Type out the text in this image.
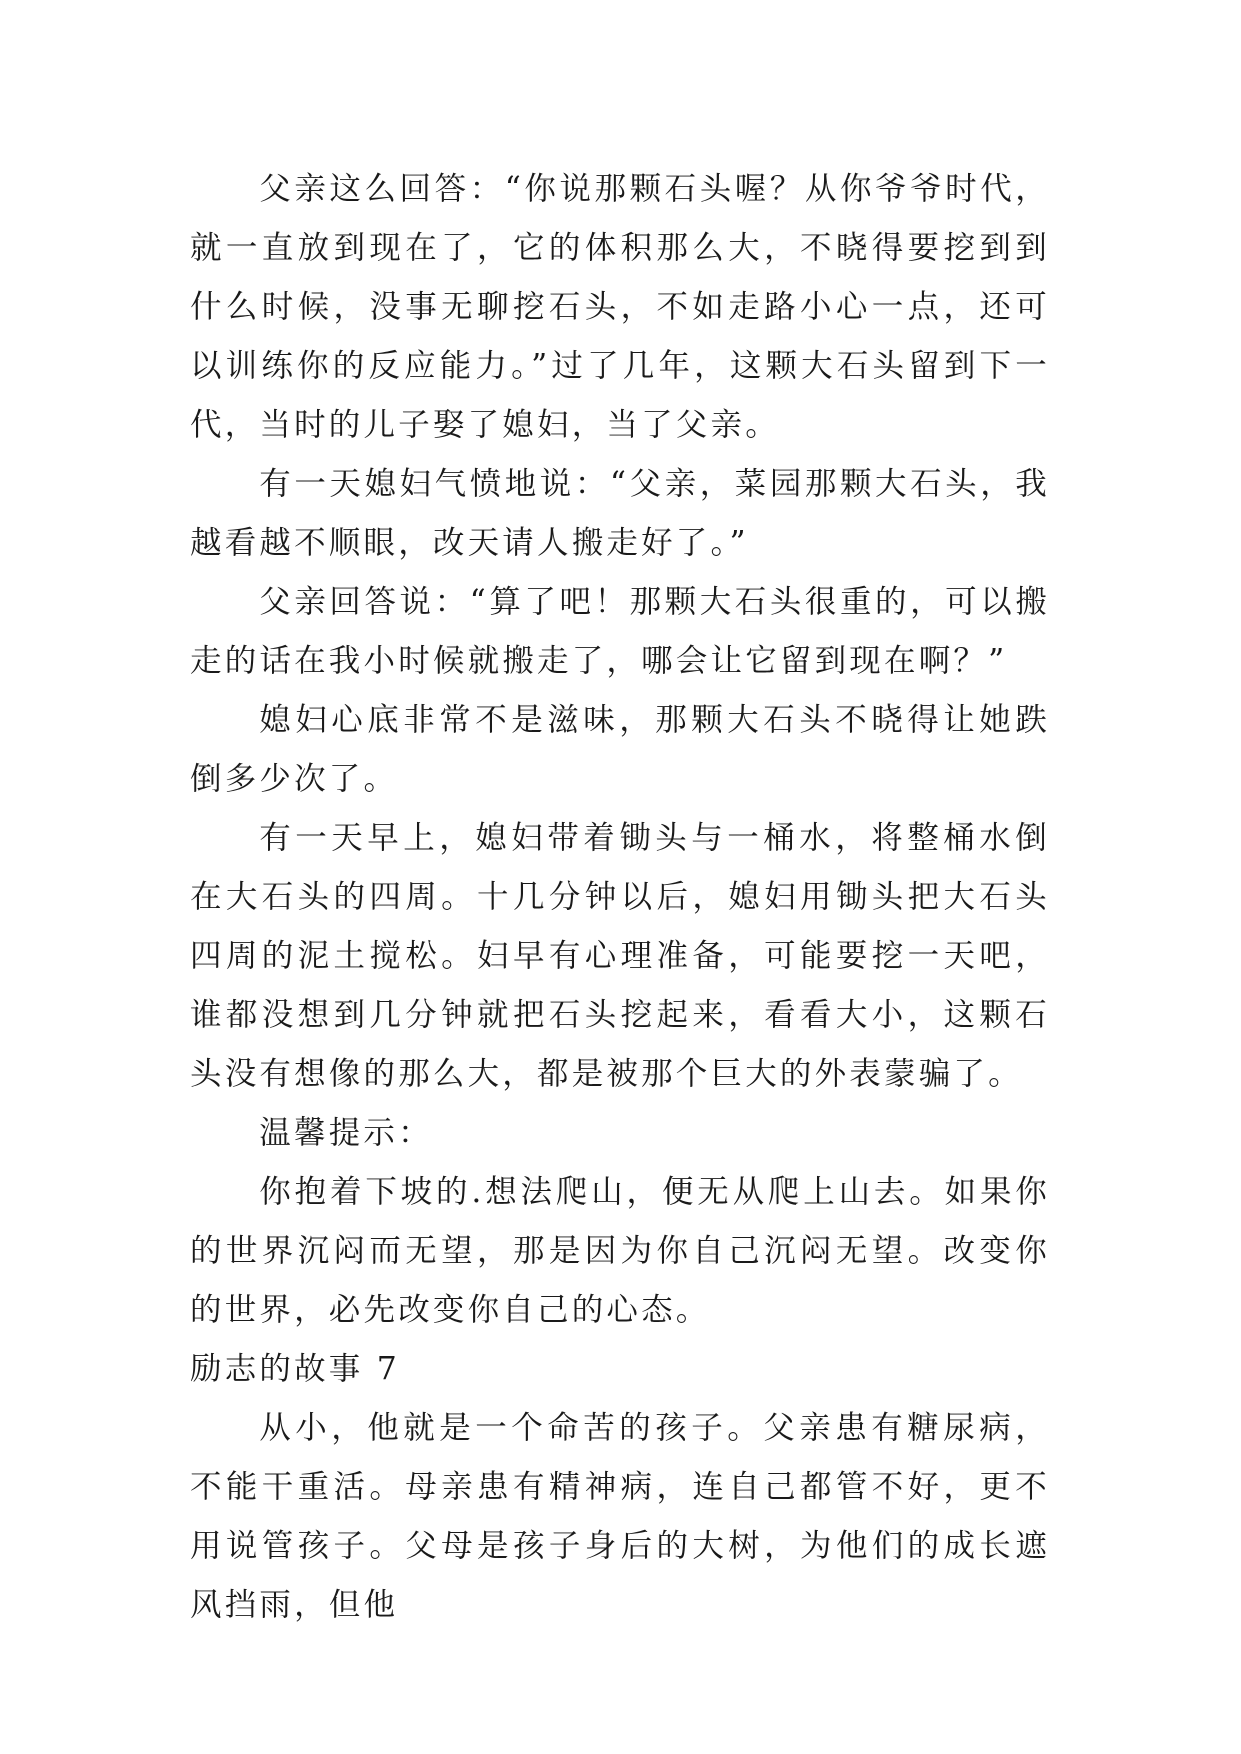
父亲这么回答：“你说那颗石头喔？从你爷爷时代，就一直放到现在了，它的体积那么大，不晓得要挖到到什么时候，没事无聊挖石头，不如走路小心一点，还可以训练你的反应能力。”过了几年，这颗大石头留到下一代，当时的儿子娶了媳妇，当了父亲。

有一天媳妇气愤地说：“父亲，菜园那颗大石头，我越看越不顺眼，改天请人搬走好了。”

父亲回答说：“算了吧！那颗大石头很重的，可以搬走的话在我小时候就搬走了，哪会让它留到现在啊？”

媳妇心底非常不是滋味，那颗大石头不晓得让她跌倒多少次了。

有一天早上，媳妇带着锄头与一桶水，将整桶水倒在大石头的四周。十几分钟以后，媳妇用锄头把大石头四周的泥土搅松。妇早有心理准备，可能要挖一天吧，谁都没想到几分钟就把石头挖起来，看看大小，这颗石头没有想像的那么大，都是被那个巨大的外表蒙骗了。

温馨提示：

你抱着下坡的.想法爬山，便无从爬上山去。如果你的世界沉闷而无望，那是因为你自己沉闷无望。改变你的世界，必先改变你自己的心态。

励志的故事 7

从小，他就是一个命苦的孩子。父亲患有糖尿病，不能干重活。母亲患有精神病，连自己都管不好，更不用说管孩子。父母是孩子身后的大树，为他们的成长遮风挡雨，但他
